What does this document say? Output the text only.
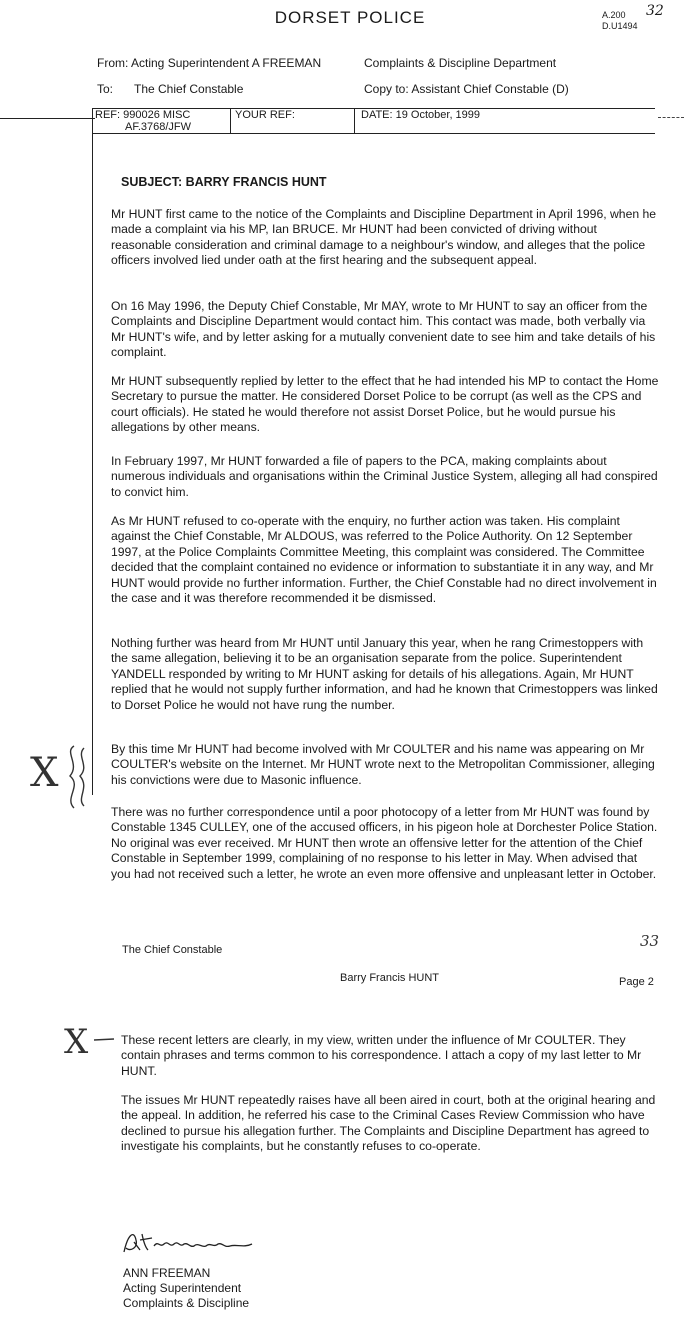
DORSET POLICE	A.200
D.U1494
32
From: Acting Superintendent A FREEMAN	Complaints & Discipline Department
To: The Chief Constable	Copy to: Assistant Chief Constable (D)
REF: 990026 MISC
AF.3768/JFW
YOUR REF:	DATE: 19 October, 1999
SUBJECT: BARRY FRANCIS HUNT

Mr HUNT first came to the notice of the Complaints and Discipline Department in April 1996, when he made a complaint via his MP, Ian BRUCE. Mr HUNT had been convicted of driving without reasonable consideration and criminal damage to a neighbour's window, and alleges that the police officers involved lied under oath at the first hearing and the subsequent appeal.

On 16 May 1996, the Deputy Chief Constable, Mr MAY, wrote to Mr HUNT to say an officer from the Complaints and Discipline Department would contact him. This contact was made, both verbally via Mr HUNT's wife, and by letter asking for a mutually convenient date to see him and take details of his complaint.

Mr HUNT subsequently replied by letter to the effect that he had intended his MP to contact the Home Secretary to pursue the matter. He considered Dorset Police to be corrupt (as well as the CPS and court officials). He stated he would therefore not assist Dorset Police, but he would pursue his allegations by other means.

In February 1997, Mr HUNT forwarded a file of papers to the PCA, making complaints about numerous individuals and organisations within the Criminal Justice System, alleging all had conspired to convict him.

As Mr HUNT refused to co-operate with the enquiry, no further action was taken. His complaint against the Chief Constable, Mr ALDOUS, was referred to the Police Authority. On 12 September 1997, at the Police Complaints Committee Meeting, this complaint was considered. The Committee decided that the complaint contained no evidence or information to substantiate it in any way, and Mr HUNT would provide no further information. Further, the Chief Constable had no direct involvement in the case and it was therefore recommended it be dismissed.

Nothing further was heard from Mr HUNT until January this year, when he rang Crimestoppers with the same allegation, believing it to be an organisation separate from the police. Superintendent YANDELL responded by writing to Mr HUNT asking for details of his allegations. Again, Mr HUNT replied that he would not supply further information, and had he known that Crimestoppers was linked to Dorset Police he would not have rung the number.

By this time Mr HUNT had become involved with Mr COULTER and his name was appearing on Mr COULTER's website on the Internet. Mr HUNT wrote next to the Metropolitan Commissioner, alleging his convictions were due to Masonic influence.

There was no further correspondence until a poor photocopy of a letter from Mr HUNT was found by Constable 1345 CULLEY, one of the accused officers, in his pigeon hole at Dorchester Police Station. No original was ever received. Mr HUNT then wrote an offensive letter for the attention of the Chief Constable in September 1999, complaining of no response to his letter in May. When advised that you had not received such a letter, he wrote an even more offensive and unpleasant letter in October.

X
The Chief Constable	33
Barry Francis HUNT	Page 2
X	These recent letters are clearly, in my view, written under the influence of Mr COULTER. They contain phrases and terms common to his correspondence. I attach a copy of my last letter to Mr HUNT.

The issues Mr HUNT repeatedly raises have all been aired in court, both at the original hearing and the appeal. In addition, he referred his case to the Criminal Cases Review Commission who have declined to pursue his allegation further. The Complaints and Discipline Department has agreed to investigate his complaints, but he constantly refuses to co-operate.

AFreeman
ANN FREEMAN
Acting Superintendent
Complaints & Discipline
